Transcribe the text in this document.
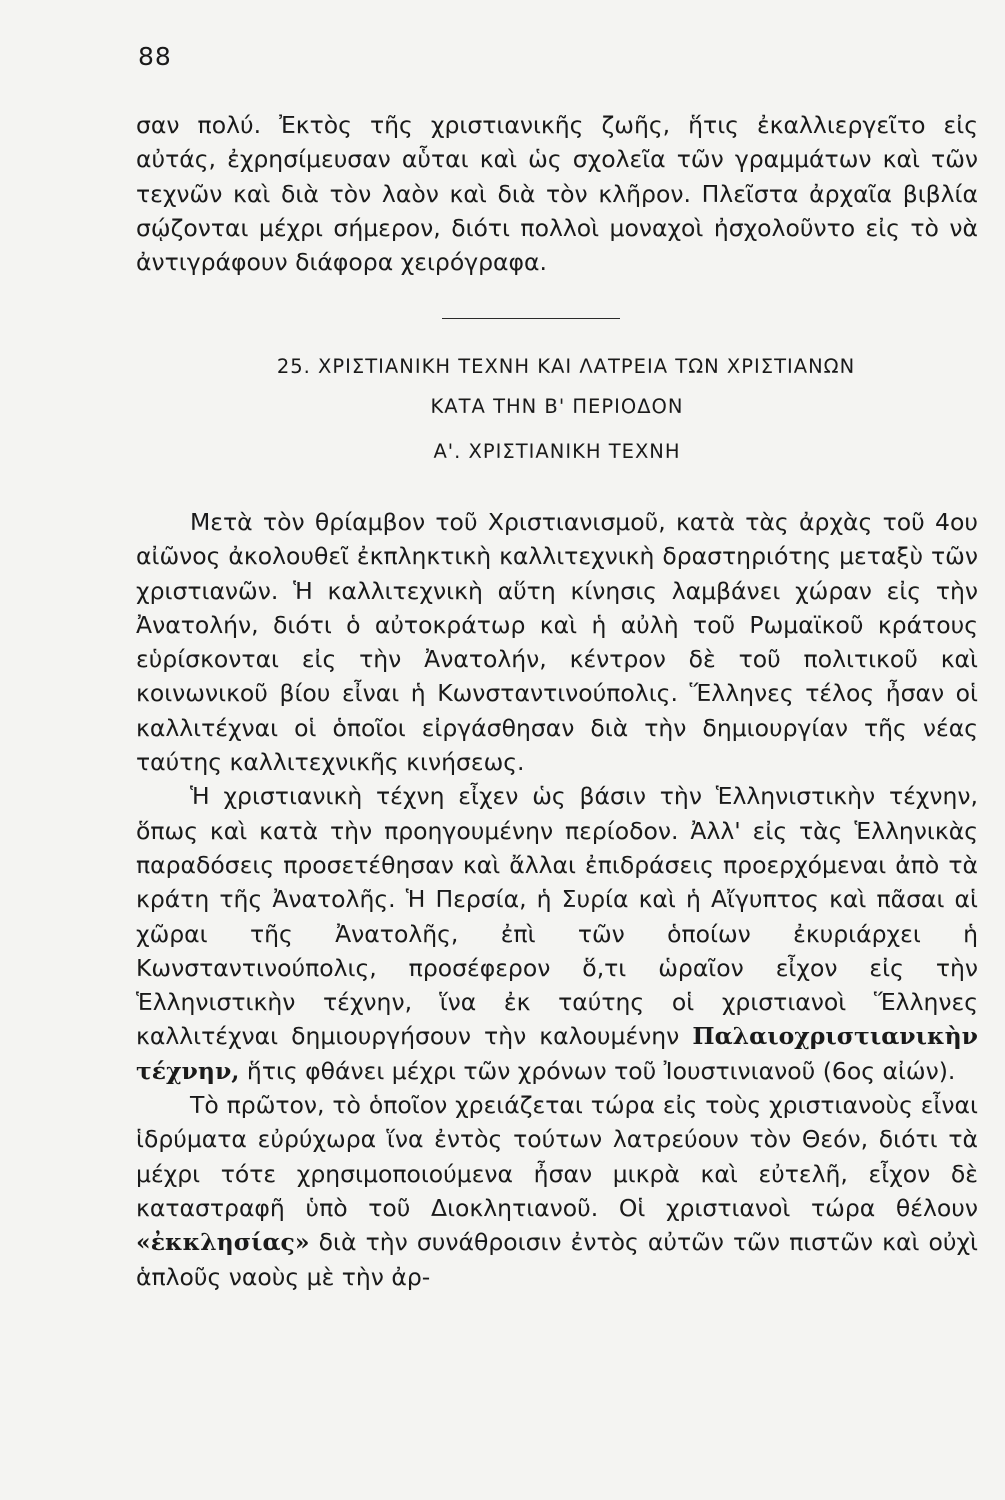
88

σαν πολύ. Ἐκτὸς τῆς χριστιανικῆς ζωῆς, ἥτις ἐκαλλιεργεῖτο εἰς αὐτάς, ἐχρησίμευσαν αὗται καὶ ὡς σχολεῖα τῶν γραμμάτων καὶ τῶν τεχνῶν καὶ διὰ τὸν λαὸν καὶ διὰ τὸν κλῆρον. Πλεῖστα ἀρχαῖα βιβλία σῴζονται μέχρι σήμερον, διότι πολλοὶ μοναχοὶ ἠσχολοῦντο εἰς τὸ νὰ ἀντιγράφουν διάφορα χειρόγραφα.

25. ΧΡΙΣΤΙΑΝΙΚΗ ΤΕΧΝΗ ΚΑΙ ΛΑΤΡΕΙΑ ΤΩΝ ΧΡΙΣΤΙΑΝΩΝ
ΚΑΤΑ ΤΗΝ Β' ΠΕΡΙΟΔΟΝ
Α'. ΧΡΙΣΤΙΑΝΙΚΗ ΤΕΧΝΗ

Μετὰ τὸν θρίαμβον τοῦ Χριστιανισμοῦ, κατὰ τὰς ἀρχὰς τοῦ 4ου αἰῶνος ἀκολουθεῖ ἐκπληκτικὴ καλλιτεχνικὴ δραστηριότης μεταξὺ τῶν χριστιανῶν. Ἡ καλλιτεχνικὴ αὕτη κίνησις λαμβάνει χώραν εἰς τὴν Ἀνατολήν, διότι ὁ αὐτοκράτωρ καὶ ἡ αὐλὴ τοῦ Ρωμαϊκοῦ κράτους εὑρίσκονται εἰς τὴν Ἀνατολήν, κέντρον δὲ τοῦ πολιτικοῦ καὶ κοινωνικοῦ βίου εἶναι ἡ Κωνσταντινούπολις. Ἕλληνες τέλος ἦσαν οἱ καλλιτέχναι οἱ ὁποῖοι εἰργάσθησαν διὰ τὴν δημιουργίαν τῆς νέας ταύτης καλλιτεχνικῆς κινήσεως.

Ἡ χριστιανικὴ τέχνη εἶχεν ὡς βάσιν τὴν Ἑλληνιστικὴν τέχνην, ὅπως καὶ κατὰ τὴν προηγουμένην περίοδον. Ἀλλ' εἰς τὰς Ἑλληνικὰς παραδόσεις προσετέθησαν καὶ ἄλλαι ἐπιδράσεις προερχόμεναι ἀπὸ τὰ κράτη τῆς Ἀνατολῆς. Ἡ Περσία, ἡ Συρία καὶ ἡ Αἴγυπτος καὶ πᾶσαι αἱ χῶραι τῆς Ἀνατολῆς, ἐπὶ τῶν ὁποίων ἐκυριάρχει ἡ Κωνσταντινούπολις, προσέφερον ὅ,τι ὡραῖον εἶχον εἰς τὴν Ἑλληνιστικὴν τέχνην, ἵνα ἐκ ταύτης οἱ χριστιανοὶ Ἕλληνες καλλιτέχναι δημιουργήσουν τὴν καλουμένην Παλαιοχριστιανικὴν τέχνην, ἥτις φθάνει μέχρι τῶν χρόνων τοῦ Ἰουστινιανοῦ (6ος αἰών).

Τὸ πρῶτον, τὸ ὁποῖον χρειάζεται τώρα εἰς τοὺς χριστιανοὺς εἶναι ἱδρύματα εὐρύχωρα ἵνα ἐντὸς τούτων λατρεύουν τὸν Θεόν, διότι τὰ μέχρι τότε χρησιμοποιούμενα ἦσαν μικρὰ καὶ εὐτελῆ, εἶχον δὲ καταστραφῆ ὑπὸ τοῦ Διοκλητιανοῦ. Οἱ χριστιανοὶ τώρα θέλουν «ἐκκλησίας» διὰ τὴν συνάθροισιν ἐντὸς αὐτῶν τῶν πιστῶν καὶ οὐχὶ ἁπλοῦς ναοὺς μὲ τὴν ἀρ-
